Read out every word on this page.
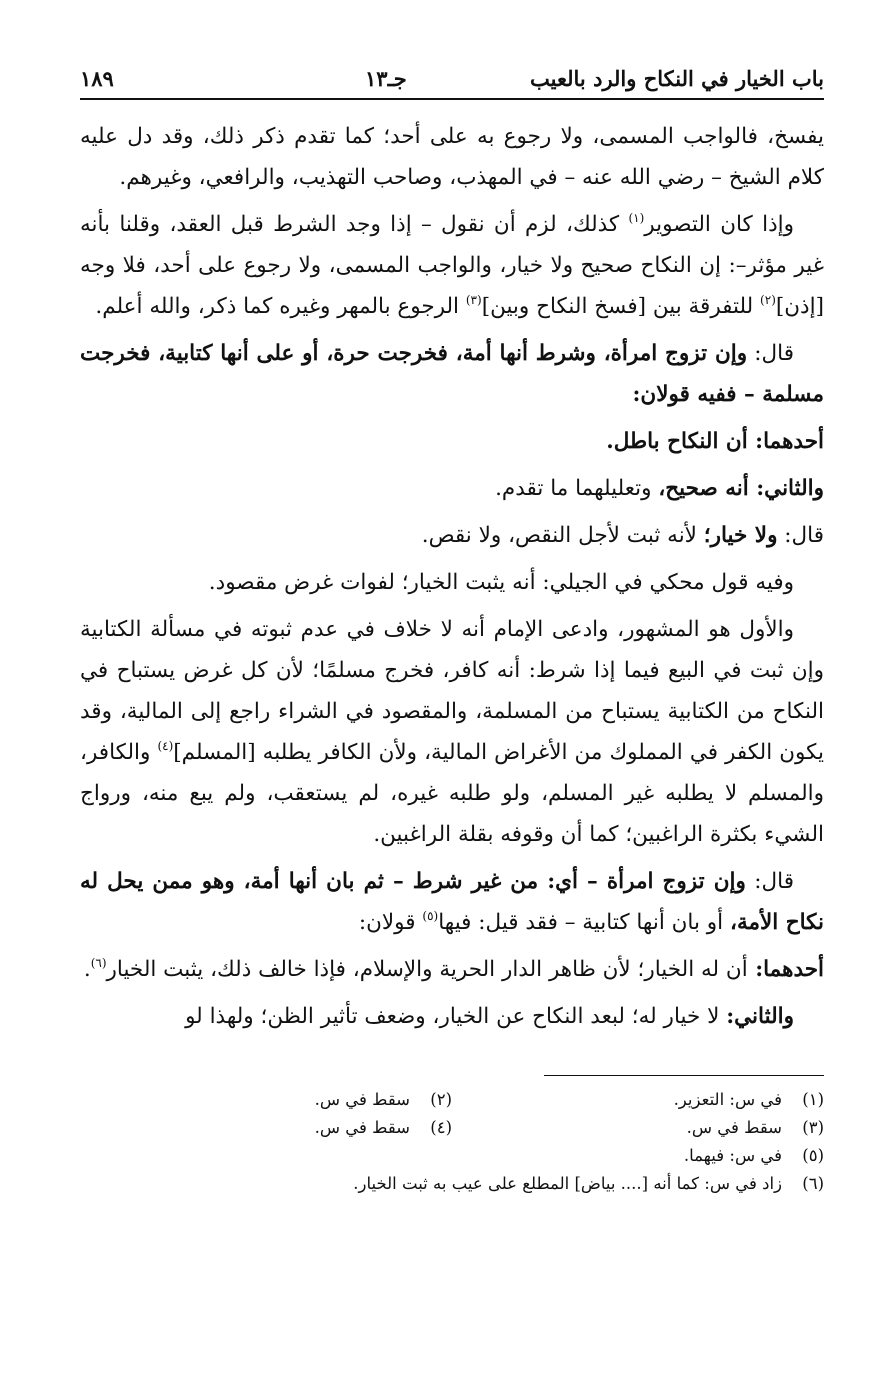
باب الخيار في النكاح والرد بالعيب
جـ١٣
١٨٩

يفسخ، فالواجب المسمى، ولا رجوع به على أحد؛ كما تقدم ذكر ذلك، وقد دل عليه كلام الشيخ – رضي الله عنه – في المهذب، وصاحب التهذيب، والرافعي، وغيرهم.

وإذا كان التصوير$^{(١)}$ كذلك، لزم أن نقول – إذا وجد الشرط قبل العقد، وقلنا بأنه غير مؤثر–: إن النكاح صحيح ولا خيار، والواجب المسمى، ولا رجوع على أحد، فلا وجه [إذن]$^{(٢)}$ للتفرقة بين [فسخ النكاح وبين]$^{(٣)}$ الرجوع بالمهر وغيره كما ذكر، والله أعلم.

قال: وإن تزوج امرأة، وشرط أنها أمة، فخرجت حرة، أو على أنها كتابية، فخرجت مسلمة – ففيه قولان:

أحدهما: أن النكاح باطل.

والثاني: أنه صحيح، وتعليلهما ما تقدم.

قال: ولا خيار؛ لأنه ثبت لأجل النقص، ولا نقص.

وفيه قول محكي في الجيلي: أنه يثبت الخيار؛ لفوات غرض مقصود.

والأول هو المشهور، وادعى الإمام أنه لا خلاف في عدم ثبوته في مسألة الكتابية وإن ثبت في البيع فيما إذا شرط: أنه كافر، فخرج مسلمًا؛ لأن كل غرض يستباح في النكاح من الكتابية يستباح من المسلمة، والمقصود في الشراء راجع إلى المالية، وقد يكون الكفر في المملوك من الأغراض المالية، ولأن الكافر يطلبه [المسلم]$^{(٤)}$ والكافر، والمسلم لا يطلبه غير المسلم، ولو طلبه غيره، لم يستعقب، ولم يبع منه، ورواج الشيء بكثرة الراغبين؛ كما أن وقوفه بقلة الراغبين.

قال: وإن تزوج امرأة – أي: من غير شرط – ثم بان أنها أمة، وهو ممن يحل له نكاح الأمة، أو بان أنها كتابية – فقد قيل: فيها$^{(٥)}$ قولان:

أحدهما: أن له الخيار؛ لأن ظاهر الدار الحرية والإسلام، فإذا خالف ذلك، يثبت الخيار$^{(٦)}$.

والثاني: لا خيار له؛ لبعد النكاح عن الخيار، وضعف تأثير الظن؛ ولهذا لو

(١)في س: التعزير.
(٢)سقط في س.
(٣)سقط في س.
(٤)سقط في س.
(٥)في س: فيهما.
(٦)زاد في س: كما أنه [.... بياض] المطلع على عيب به ثبت الخيار.
